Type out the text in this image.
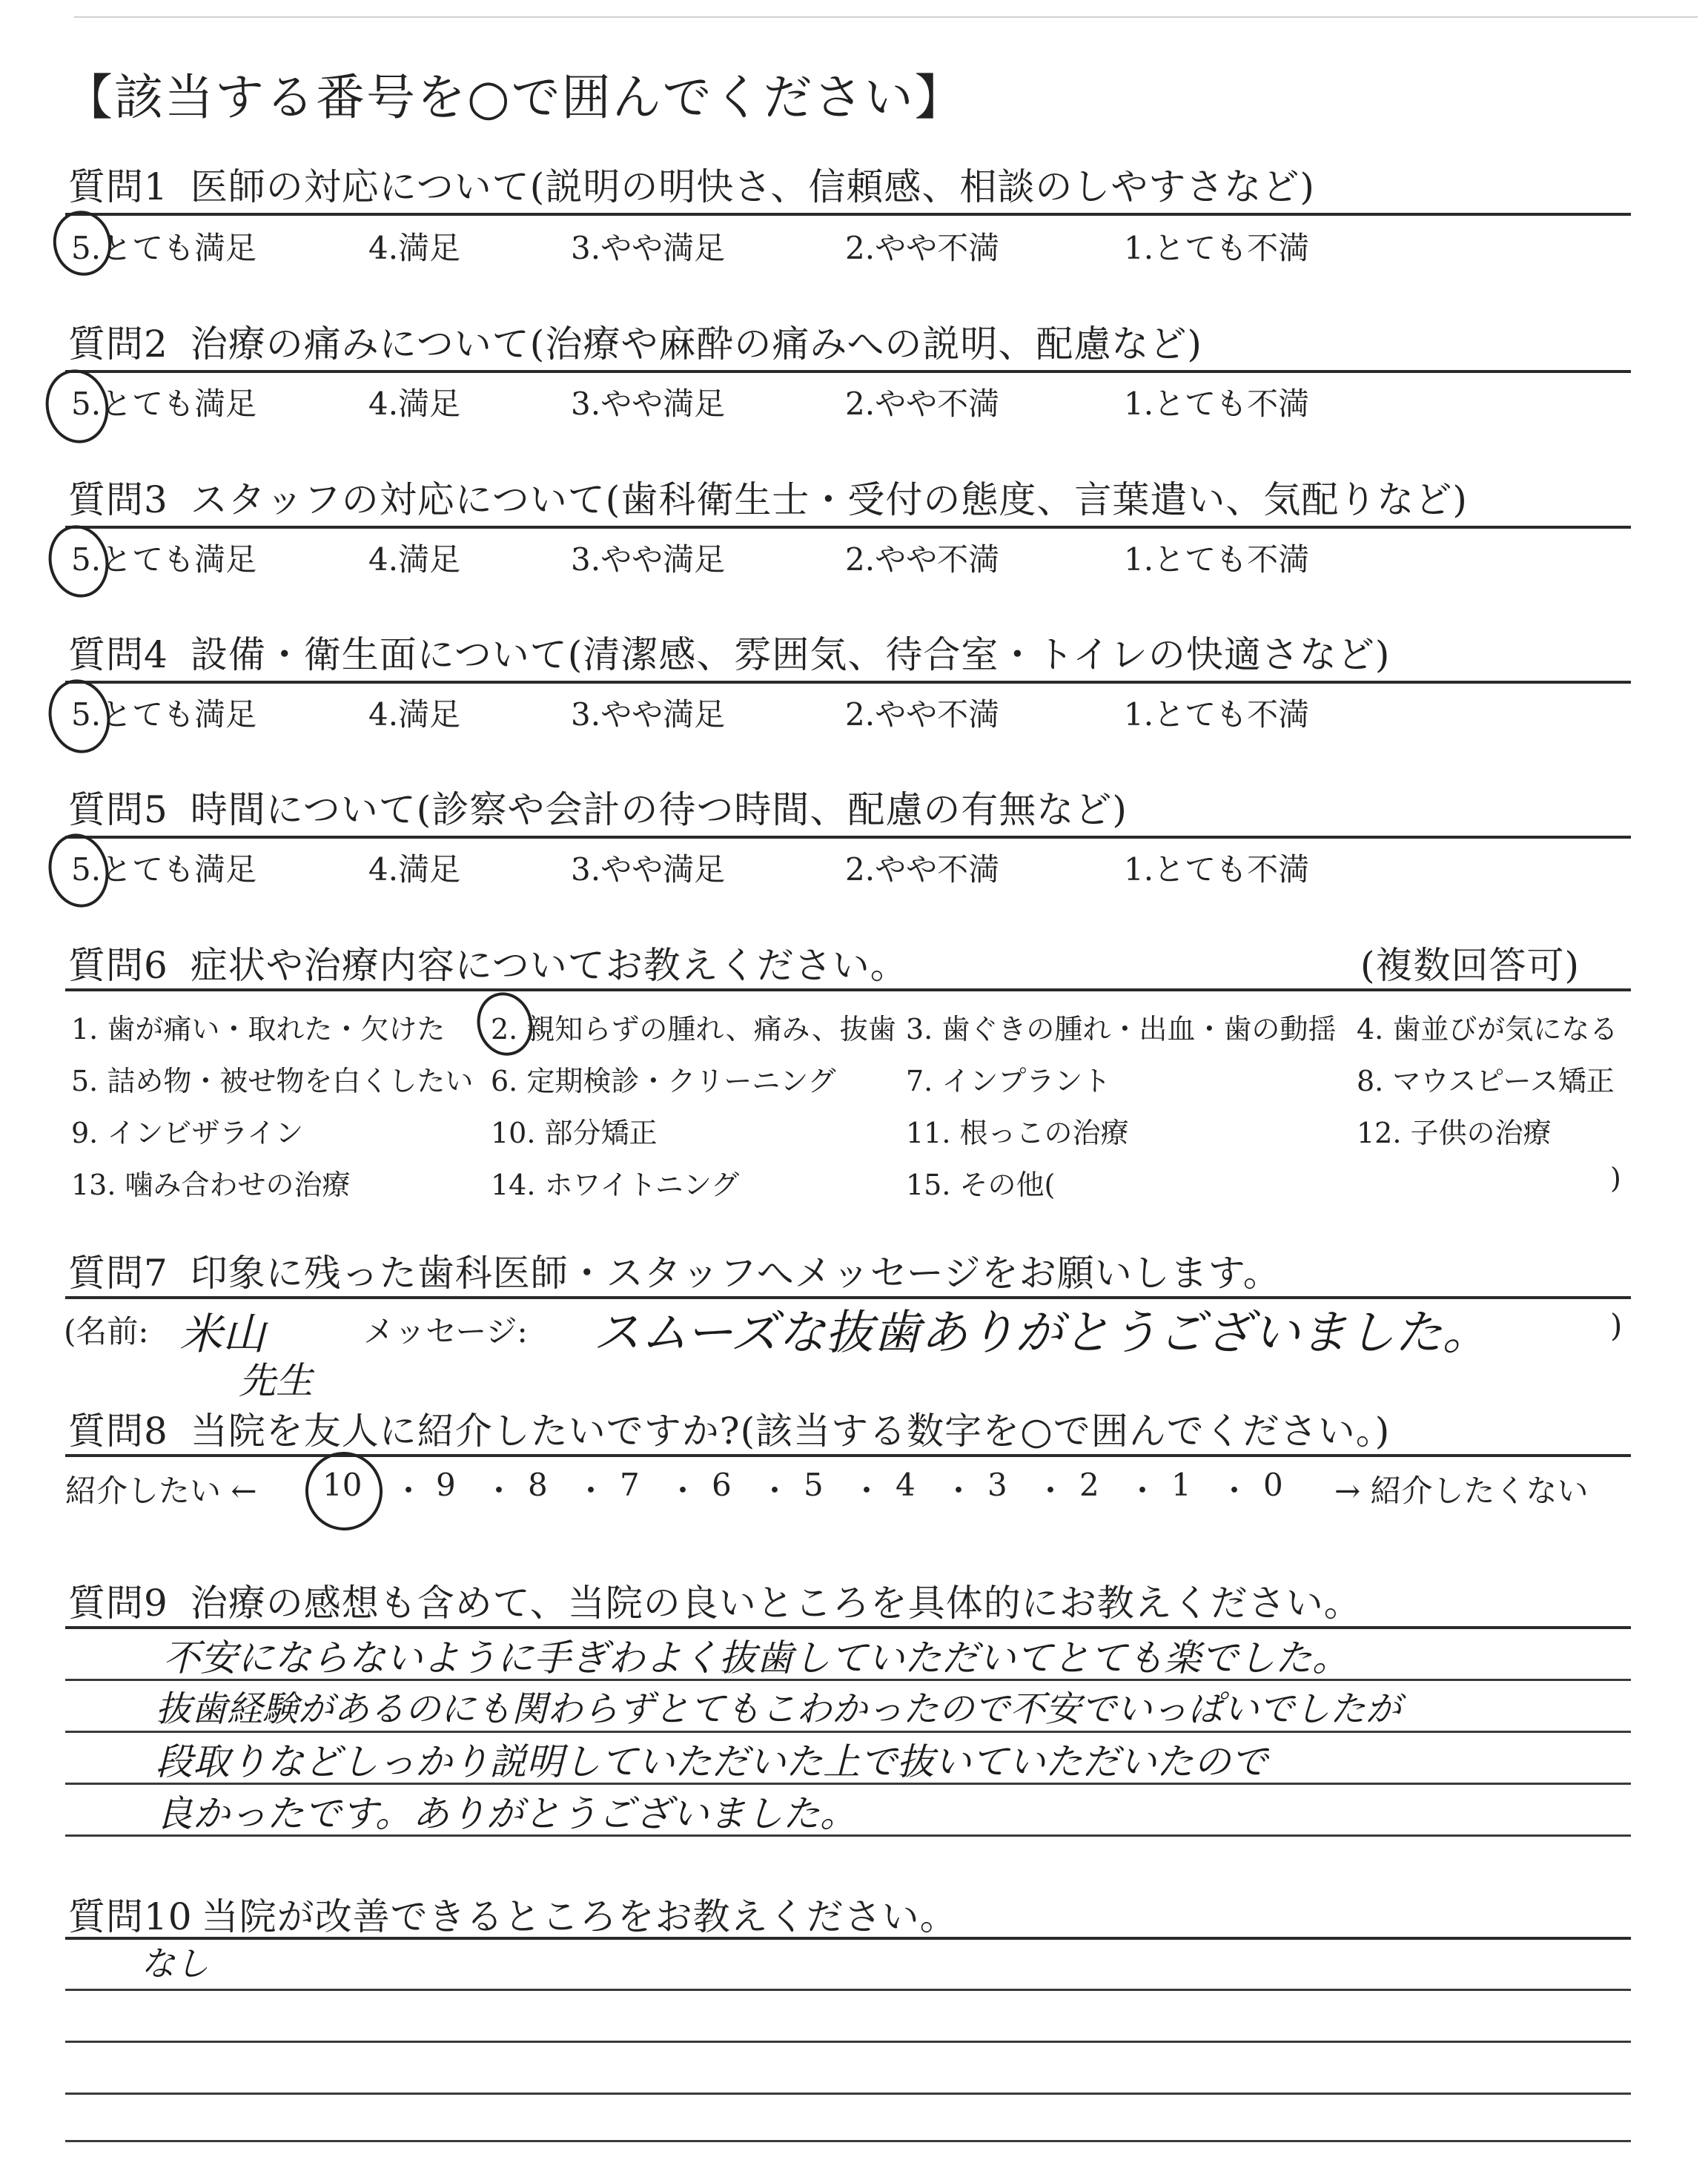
【該当する番号を○で囲んでください】
質問1 医師の対応について(説明の明快さ、信頼感、相談のしやすさなど)
質問2 治療の痛みについて(治療や麻酔の痛みへの説明、配慮など)
質問3 スタッフの対応について(歯科衛生士・受付の態度、言葉遣い、気配りなど)
質問4 設備・衛生面について(清潔感、雰囲気、待合室・トイレの快適さなど)
質問5 時間について(診察や会計の待つ時間、配慮の有無など)
5.とても満足	4.満足	3.やや満足	2.やや不満	1.とても不満
5.とても満足	4.満足	3.やや満足	2.やや不満	1.とても不満
5.とても満足	4.満足	3.やや満足	2.やや不満	1.とても不満
5.とても満足	4.満足	3.やや満足	2.やや不満	1.とても不満
5.とても満足	4.満足	3.やや満足	2.やや不満	1.とても不満
質問6 症状や治療内容についてお教えください。	(複数回答可)
1. 歯が痛い・取れた・欠けた 2. 親知らずの腫れ、痛み、抜歯 3. 歯ぐきの腫れ・出血・歯の動揺 4. 歯並びが気になる
5. 詰め物・被せ物を白くしたい 6. 定期検診・クリーニング 7. インプラント	8. マウスピース矯正
9. インビザライン	10. 部分矯正	11. 根っこの治療	12. 子供の治療
13. 噛み合わせの治療	14. ホワイトニング	15. その他(	)
質問7 印象に残った歯科医師・スタッフへメッセージをお願いします。
(名前: 米山
先生
メッセージ: スムーズな抜歯ありがとうございました。	)
質問8 当院を友人に紹介したいですか?(該当する数字を○で囲んでください。)
紹介したい ← 10 ・ 9 ・ 8 ・ 7 ・ 6 ・ 5 ・ 4 ・ 3 ・ 2 ・ 1 ・ 0 → 紹介したくない
質問9 治療の感想も含めて、当院の良いところを具体的にお教えください。
不安にならないように手ぎわよく抜歯していただいてとても楽でした。
抜歯経験があるのにも関わらずとてもこわかったので不安でいっぱいでしたが
段取りなどしっかり説明していただいた上で抜いていただいたので
良かったです。ありがとうございました。
質問10 当院が改善できるところをお教えください。
なし
